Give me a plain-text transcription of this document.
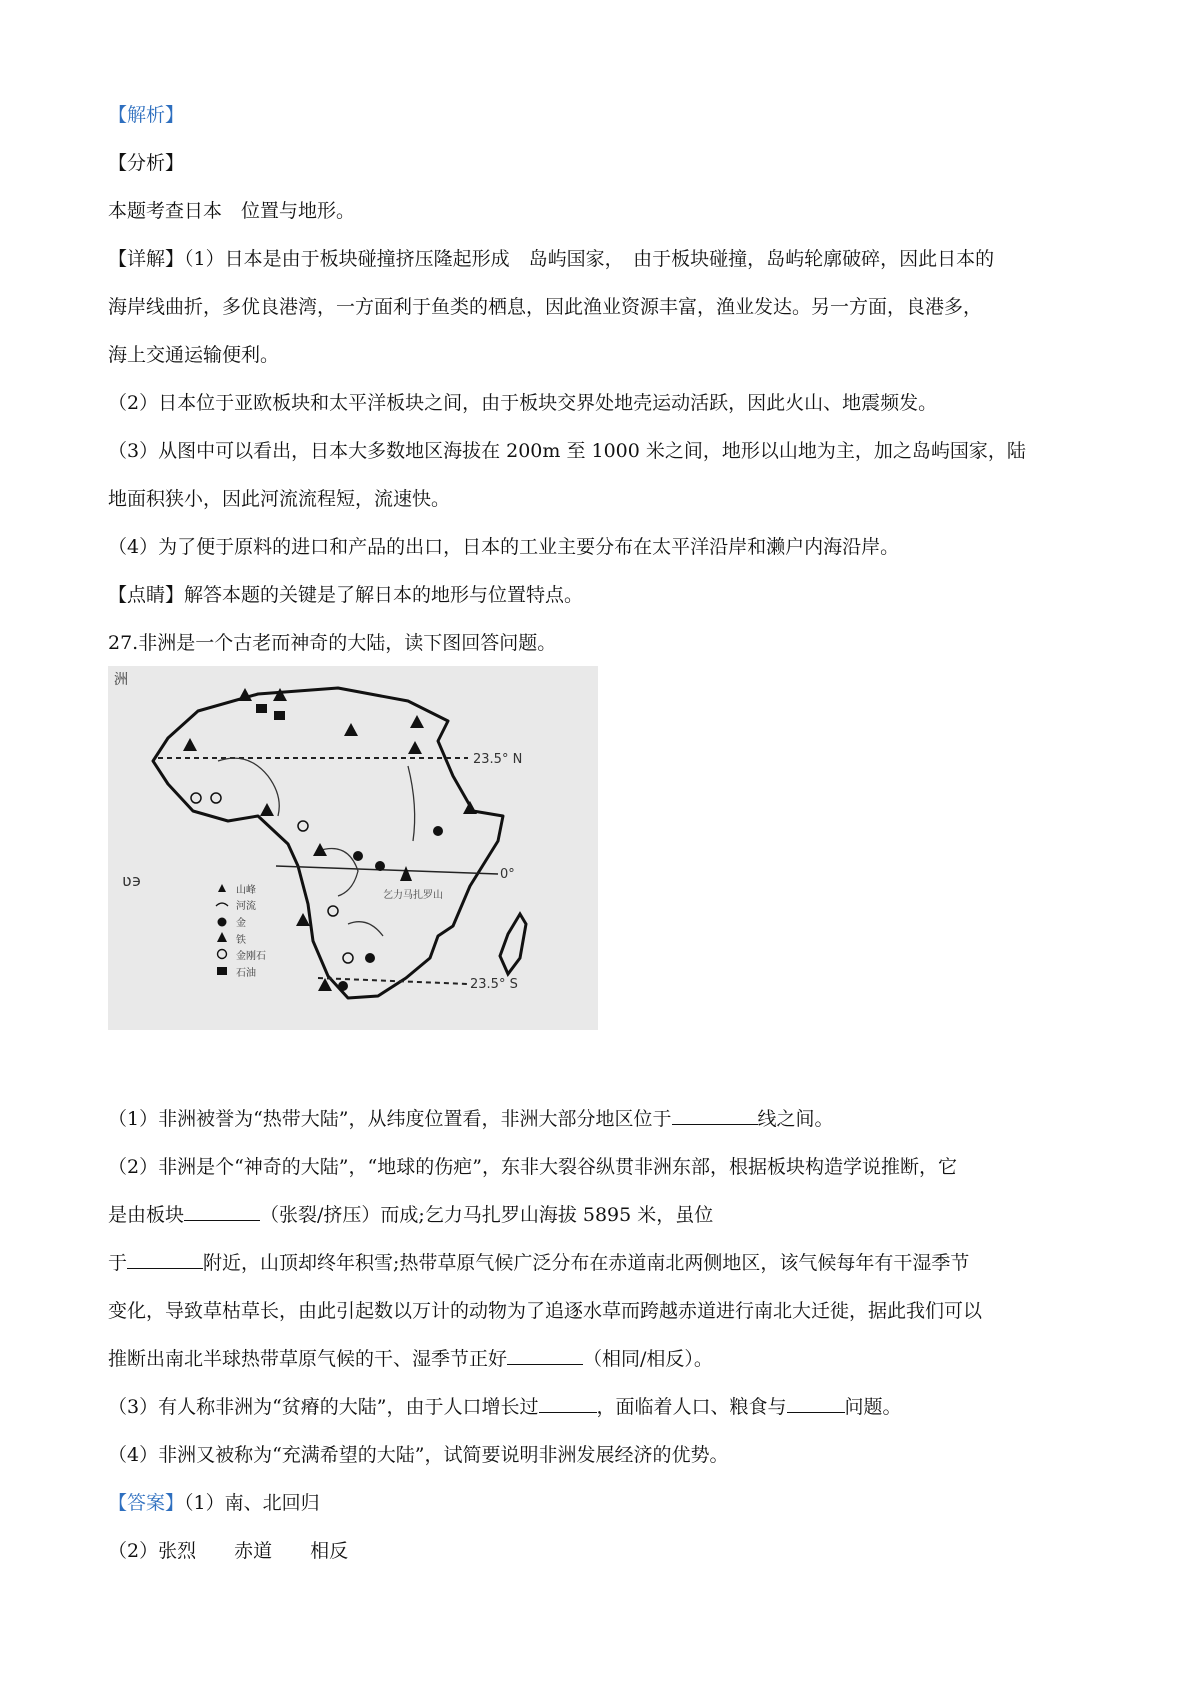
【解析】
【分析】
本题考查日本　位置与地形。
【详解】（1）日本是由于板块碰撞挤压隆起形成　岛屿国家，　由于板块碰撞，岛屿轮廓破碎，因此日本的
海岸线曲折，多优良港湾，一方面利于鱼类的栖息，因此渔业资源丰富，渔业发达。另一方面，良港多，
海上交通运输便利。
（2）日本位于亚欧板块和太平洋板块之间，由于板块交界处地壳运动活跃，因此火山、地震频发。
（3）从图中可以看出，日本大多数地区海拔在 200m 至 1000 米之间，地形以山地为主，加之岛屿国家，陆
地面积狭小，因此河流流程短，流速快。
（4）为了便于原料的进口和产品的出口，日本的工业主要分布在太平洋沿岸和濑户内海沿岸。
【点睛】解答本题的关键是了解日本的地形与位置特点。
27.非洲是一个古老而神奇的大陆，读下图回答问题。
洲
23.5° N
0°
23.5° S
乞力马扎罗山
ʋ϶
山峰
河流
金
铁
金刚石
石油
（1）非洲被誉为“热带大陆”，从纬度位置看，非洲大部分地区位于	线之间。
（2）非洲是个“神奇的大陆”，“地球的伤疤”，东非大裂谷纵贯非洲东部，根据板块构造学说推断，它
是由板块	（张裂/挤压）而成;乞力马扎罗山海拔 5895 米，虽位
于	附近，山顶却终年积雪;热带草原气候广泛分布在赤道南北两侧地区，该气候每年有干湿季节
变化，导致草枯草长，由此引起数以万计的动物为了追逐水草而跨越赤道进行南北大迁徙，据此我们可以
推断出南北半球热带草原气候的干、湿季节正好	（相同/相反）。
（3）有人称非洲为“贫瘠的大陆”，由于人口增长过	，面临着人口、粮食与	问题。
（4）非洲又被称为“充满希望的大陆”，试简要说明非洲发展经济的优势。
【答案】（1）南、北回归
（2）张烈　　赤道　　相反
